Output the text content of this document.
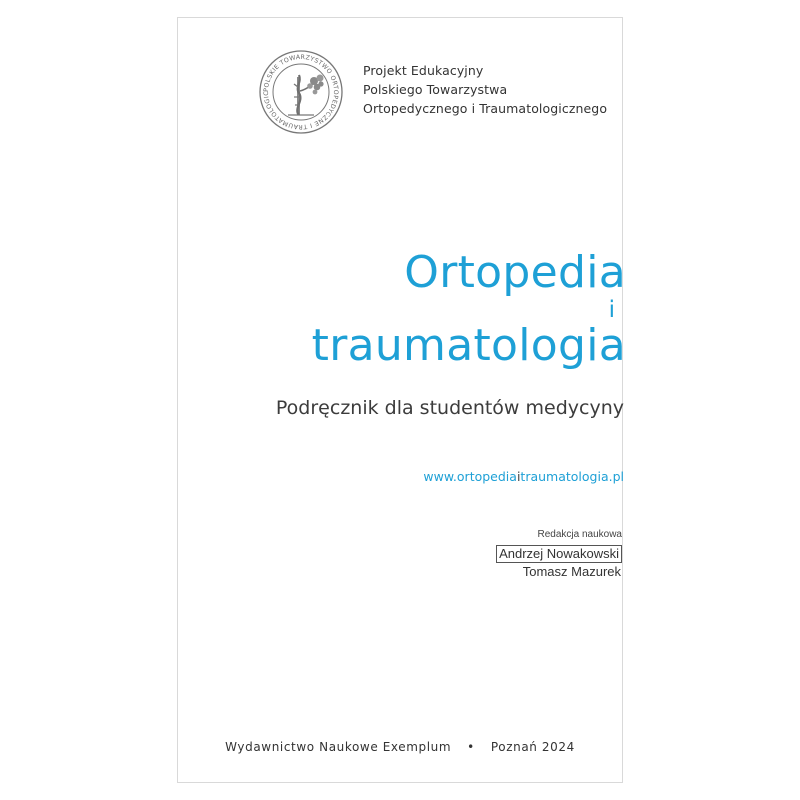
POLSKIE TOWARZYSTWO ORTOPEDYCZNE I TRAUMATOLOGIC
Projekt Edukacyjny
Polskiego Towarzystwa
Ortopedycznego i Traumatologicznego
Ortopedia
i
traumatologia
Podręcznik dla studentów medycyny
www.ortopediaitraumatologia.pl
Redakcja naukowa
Andrzej Nowakowski
Tomasz Mazurek
Wydawnictwo Naukowe Exemplum • Poznań 2024
